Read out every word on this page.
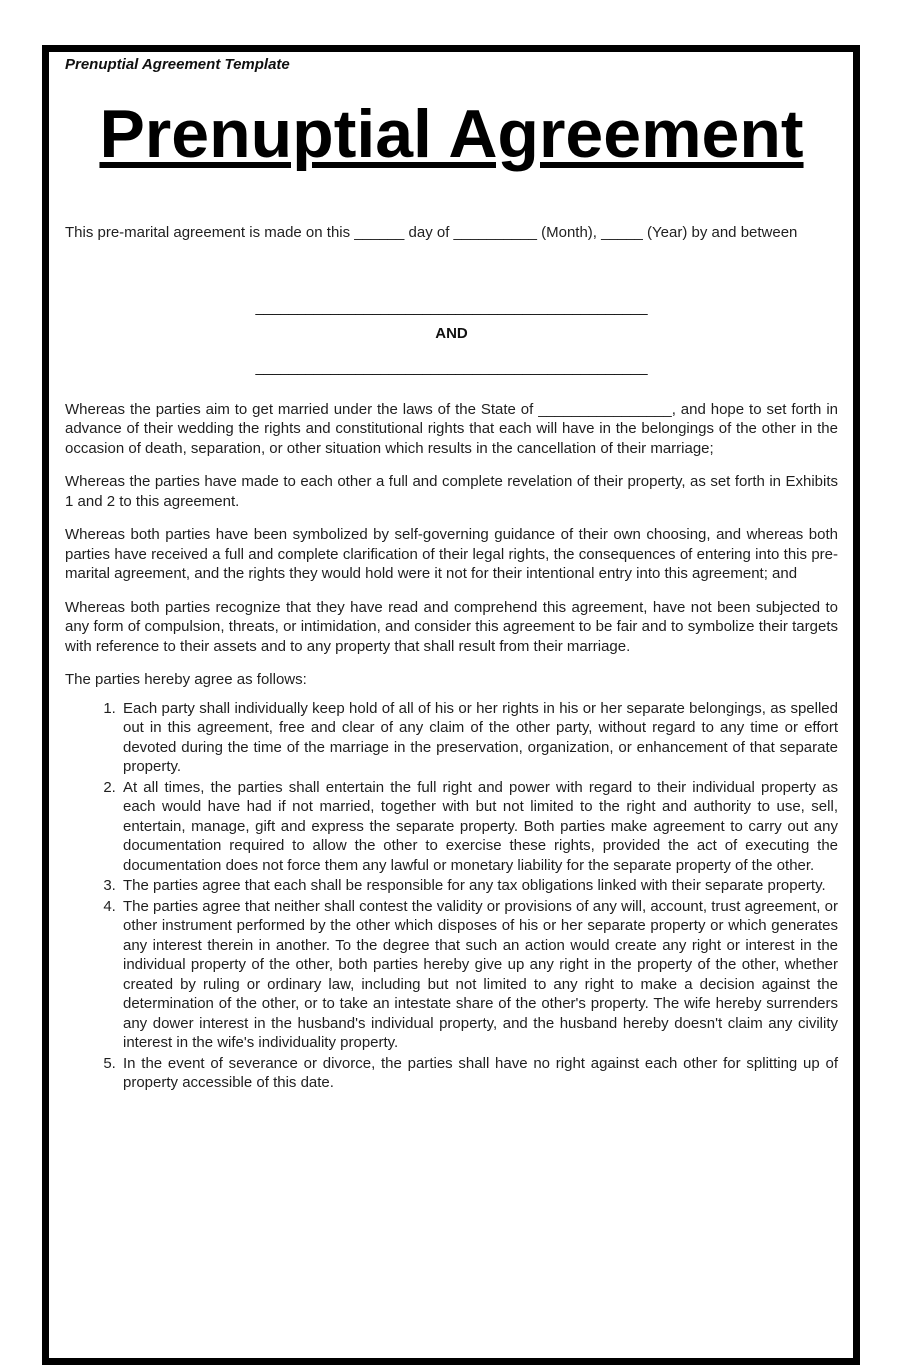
Prenuptial Agreement Template
Prenuptial Agreement

This pre-marital agreement is made on this ______ day of __________ (Month), _____ (Year) by and between

_______________________________________________
AND
_______________________________________________

Whereas the parties aim to get married under the laws of the State of ________________, and hope to set forth in advance of their wedding the rights and constitutional rights that each will have in the belongings of the other in the occasion of death, separation, or other situation which results in the cancellation of their marriage;

Whereas the parties have made to each other a full and complete revelation of their property, as set forth in Exhibits 1 and 2 to this agreement.

Whereas both parties have been symbolized by self-governing guidance of their own choosing, and whereas both parties have received a full and complete clarification of their legal rights, the consequences of entering into this pre-marital agreement, and the rights they would hold were it not for their intentional entry into this agreement; and

Whereas both parties recognize that they have read and comprehend this agreement, have not been subjected to any form of compulsion, threats, or intimidation, and consider this agreement to be fair and to symbolize their targets with reference to their assets and to any property that shall result from their marriage.

The parties hereby agree as follows:

1. Each party shall individually keep hold of all of his or her rights in his or her separate belongings, as spelled out in this agreement, free and clear of any claim of the other party, without regard to any time or effort devoted during the time of the marriage in the preservation, organization, or enhancement of that separate property.
2. At all times, the parties shall entertain the full right and power with regard to their individual property as each would have had if not married, together with but not limited to the right and authority to use, sell, entertain, manage, gift and express the separate property. Both parties make agreement to carry out any documentation required to allow the other to exercise these rights, provided the act of executing the documentation does not force them any lawful or monetary liability for the separate property of the other.
3. The parties agree that each shall be responsible for any tax obligations linked with their separate property.
4. The parties agree that neither shall contest the validity or provisions of any will, account, trust agreement, or other instrument performed by the other which disposes of his or her separate property or which generates any interest therein in another. To the degree that such an action would create any right or interest in the individual property of the other, both parties hereby give up any right in the property of the other, whether created by ruling or ordinary law, including but not limited to any right to make a decision against the determination of the other, or to take an intestate share of the other's property. The wife hereby surrenders any dower interest in the husband's individual property, and the husband hereby doesn't claim any civility interest in the wife's individuality property.
5. In the event of severance or divorce, the parties shall have no right against each other for splitting up of property accessible of this date.
